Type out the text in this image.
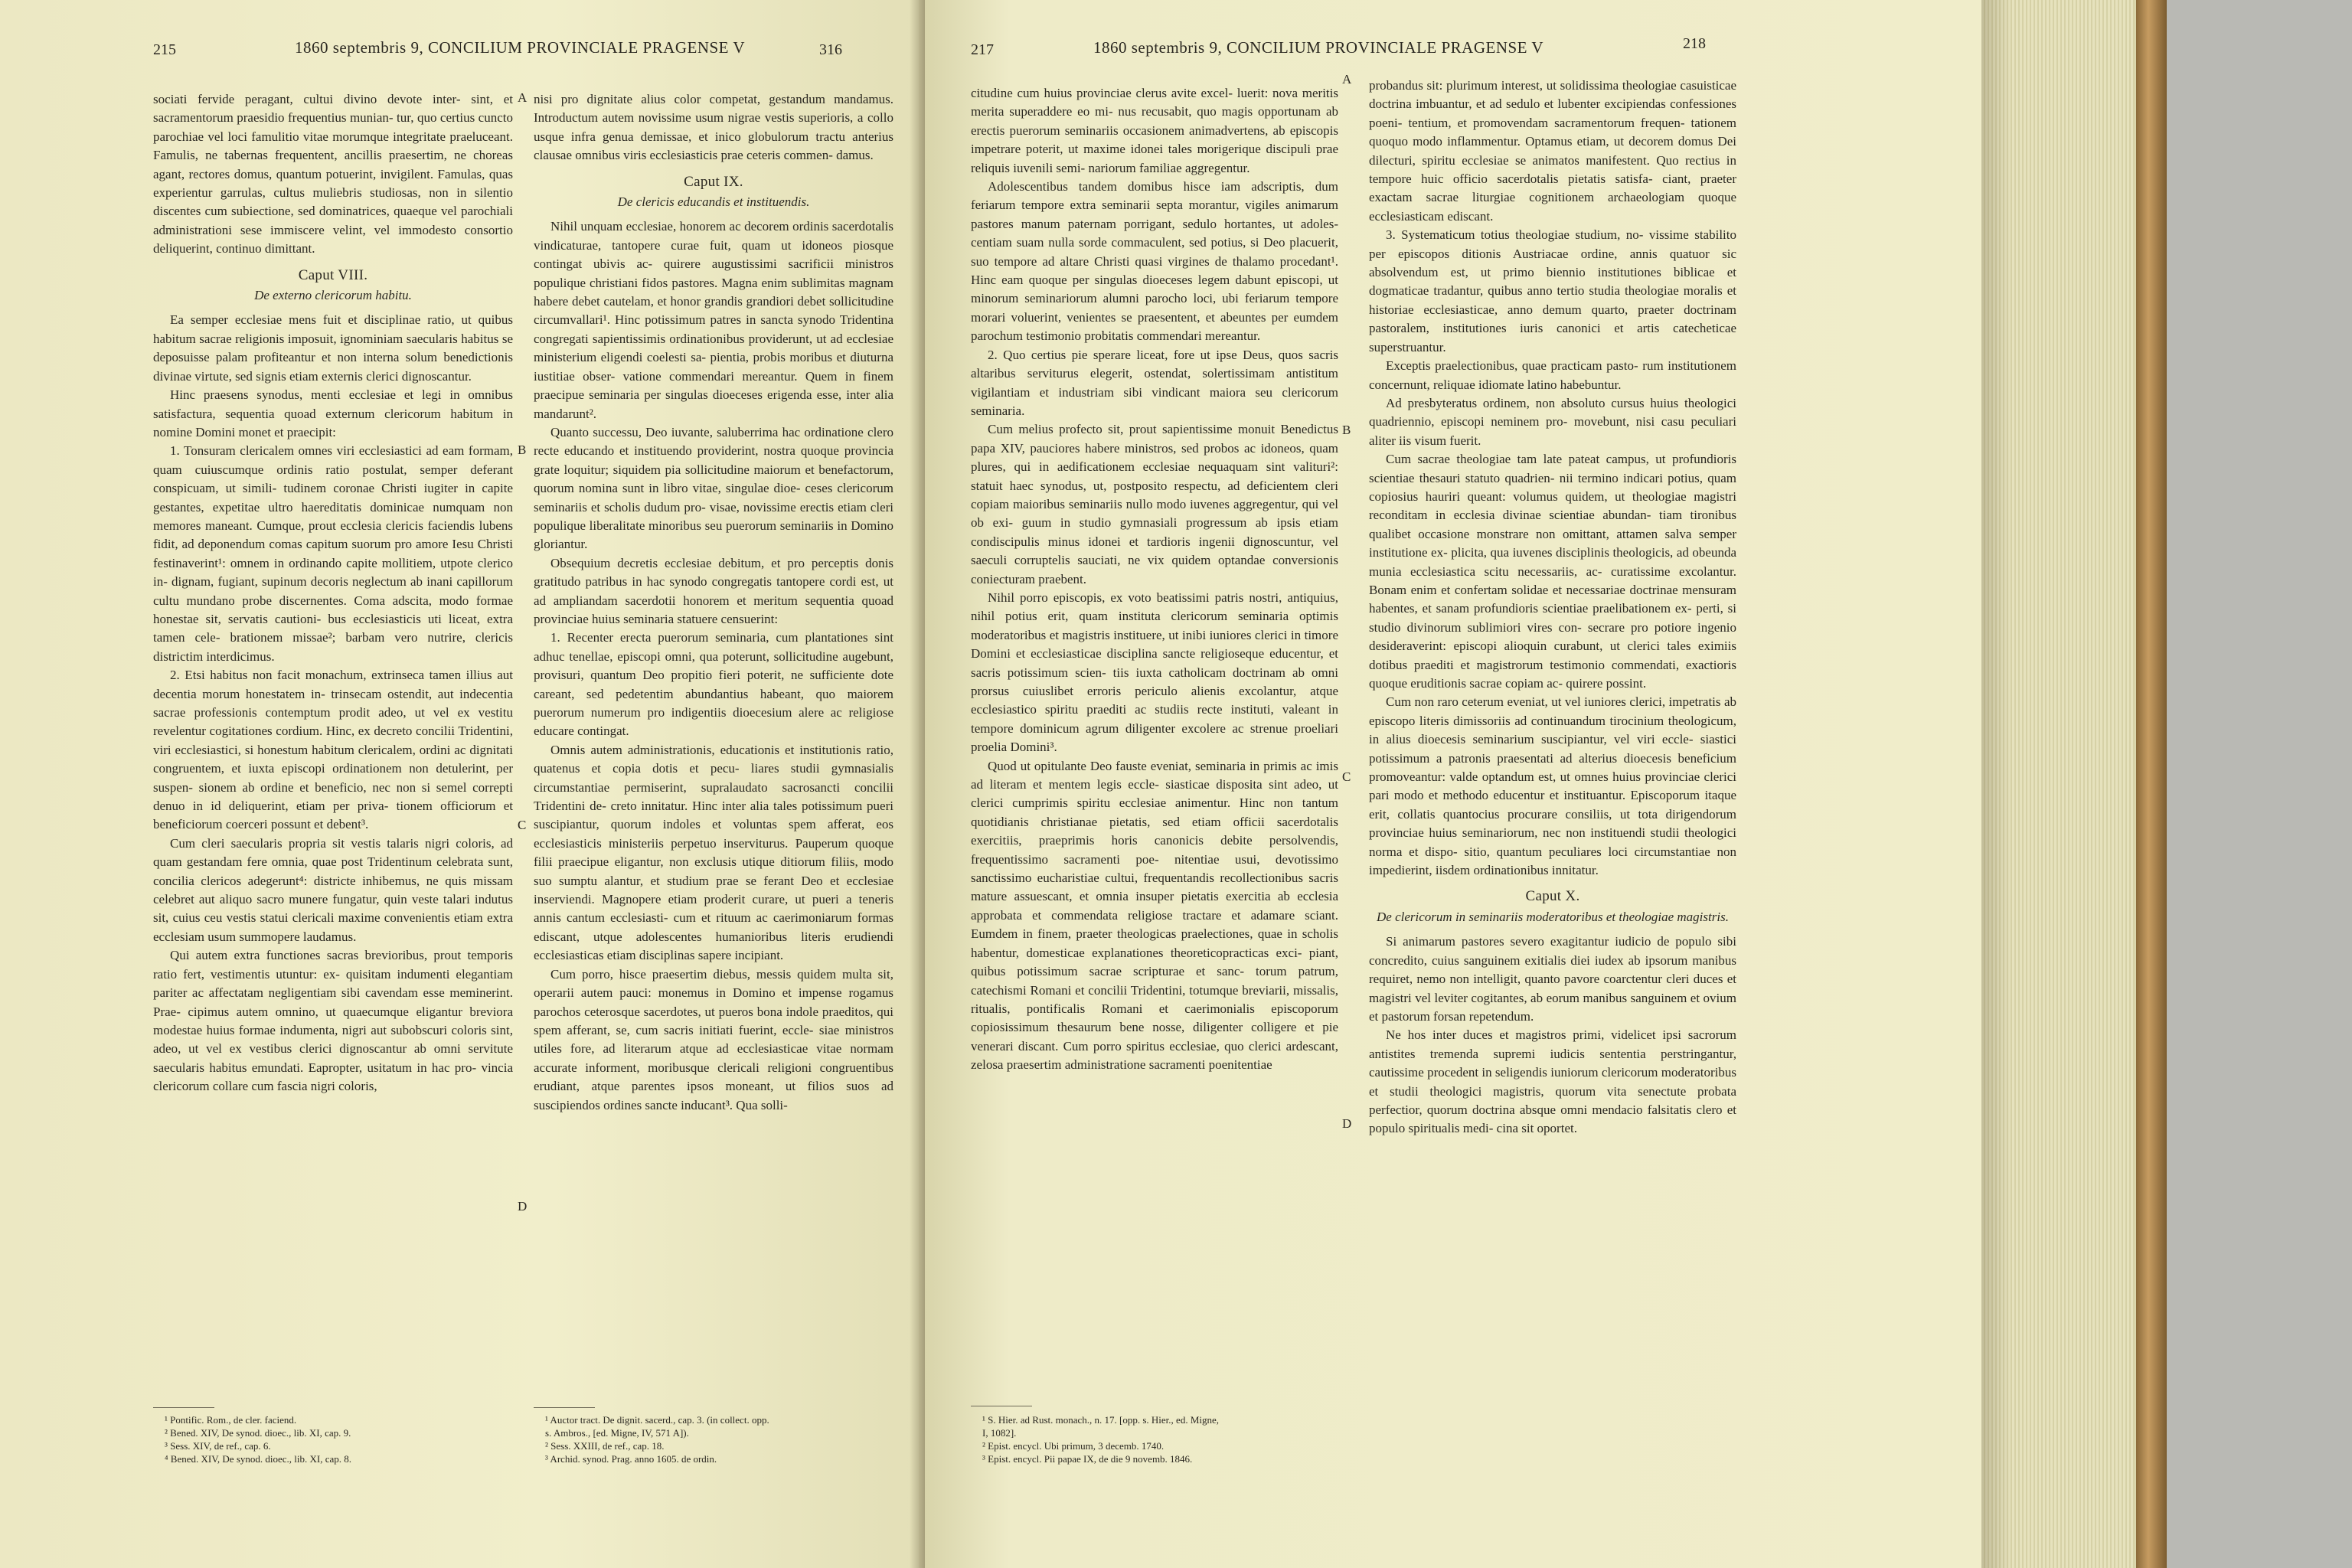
215	1860 septembris 9, CONCILIUM PROVINCIALE PRAGENSE V	316

sociati fervide peragant, cultui divino devote inter- sint, et sacramentorum praesidio frequentius munian- tur, quo certius cuncto parochiae vel loci famulitio vitae morumque integritate praeluceant. Famulis, ne tabernas frequentent, ancillis praesertim, ne choreas agant, rectores domus, quantum potuerint, invigilent. Famulas, quas experientur garrulas, cultus muliebris studiosas, non in silentio discentes cum subiectione, sed dominatrices, quaeque vel parochiali administrationi sese immiscere velint, vel immodesto consortio deliquerint, continuo dimittant.

Caput VIII.
De externo clericorum habitu.

Ea semper ecclesiae mens fuit et disciplinae ratio, ut quibus habitum sacrae religionis imposuit, ignominiam saecularis habitus se deposuisse palam profiteantur et non interna solum benedictionis divinae virtute, sed signis etiam externis clerici dignoscantur.

Hinc praesens synodus, menti ecclesiae et legi in omnibus satisfactura, sequentia quoad externum clericorum habitum in nomine Domini monet et praecipit:

1. Tonsuram clericalem omnes viri ecclesiastici ad eam formam, quam cuiuscumque ordinis ratio postulat, semper deferant conspicuam, ut simili- tudinem coronae Christi iugiter in capite gestantes, expetitae ultro haereditatis dominicae numquam non memores maneant. Cumque, prout ecclesia clericis faciendis lubens fidit, ad deponendum comas capitum suorum pro amore Iesu Christi festinaverint¹: omnem in ordinando capite mollitiem, utpote clerico in- dignam, fugiant, supinum decoris neglectum ab inani capillorum cultu mundano probe discernentes. Coma adscita, modo formae honestae sit, servatis cautioni- bus ecclesiasticis uti liceat, extra tamen cele- brationem missae²; barbam vero nutrire, clericis districtim interdicimus.

2. Etsi habitus non facit monachum, extrinseca tamen illius aut decentia morum honestatem in- trinsecam ostendit, aut indecentia sacrae professionis contemptum prodit adeo, ut vel ex vestitu revelentur cogitationes cordium. Hinc, ex decreto concilii Tridentini, viri ecclesiastici, si honestum habitum clericalem, ordini ac dignitati congruentem, et iuxta episcopi ordinationem non detulerint, per suspen- sionem ab ordine et beneficio, nec non si semel correpti denuo in id deliquerint, etiam per priva- tionem officiorum et beneficiorum coerceri possunt et debent³.

Cum cleri saecularis propria sit vestis talaris nigri coloris, ad quam gestandam fere omnia, quae post Tridentinum celebrata sunt, concilia clericos adegerunt⁴: districte inhibemus, ne quis missam celebret aut aliquo sacro munere fungatur, quin veste talari indutus sit, cuius ceu vestis statui clericali maxime convenientis etiam extra ecclesiam usum summopere laudamus.

Qui autem extra functiones sacras brevioribus, prout temporis ratio fert, vestimentis utuntur: ex- quisitam indumenti elegantiam pariter ac affectatam negligentiam sibi cavendam esse meminerint. Prae- cipimus autem omnino, ut quaecumque eligantur breviora modestae huius formae indumenta, nigri aut subobscuri coloris sint, adeo, ut vel ex vestibus clerici dignoscantur ab omni servitute saecularis habitus emundati. Eapropter, usitatum in hac pro- vincia clericorum collare cum fascia nigri coloris,

nisi pro dignitate alius color competat, gestandum mandamus. Introductum autem novissime usum nigrae vestis superioris, a collo usque infra genua demissae, et inico globulorum tractu anterius clausae omnibus viris ecclesiasticis prae ceteris commen- damus.

Caput IX.
De clericis educandis et instituendis.

Nihil unquam ecclesiae, honorem ac decorem ordinis sacerdotalis vindicaturae, tantopere curae fuit, quam ut idoneos piosque contingat ubivis ac- quirere augustissimi sacrificii ministros populique christiani fidos pastores. Magna enim sublimitas magnam habere debet cautelam, et honor grandis grandiori debet sollicitudine circumvallari¹. Hinc potissimum patres in sancta synodo Tridentina congregati sapientissimis ordinationibus providerunt, ut ad ecclesiae ministerium eligendi coelesti sa- pientia, probis moribus et diuturna iustitiae obser- vatione commendari mereantur. Quem in finem praecipue seminaria per singulas dioeceses erigenda esse, inter alia mandarunt².

Quanto successu, Deo iuvante, saluberrima hac ordinatione clero recte educando et instituendo providerint, nostra quoque provincia grate loquitur; siquidem pia sollicitudine maiorum et benefactorum, quorum nomina sunt in libro vitae, singulae dioe- ceses clericorum seminariis et scholis dudum pro- visae, novissime erectis etiam cleri populique liberalitate minoribus seu puerorum seminariis in Domino gloriantur.

Obsequium decretis ecclesiae debitum, et pro perceptis donis gratitudo patribus in hac synodo congregatis tantopere cordi est, ut ad ampliandam sacerdotii honorem et meritum sequentia quoad provinciae huius seminaria statuere censuerint:

1. Recenter erecta puerorum seminaria, cum plantationes sint adhuc tenellae, episcopi omni, qua poterunt, sollicitudine augebunt, provisuri, quantum Deo propitio fieri poterit, ne sufficiente dote careant, sed pedetentim abundantius habeant, quo maiorem puerorum numerum pro indigentiis dioecesium alere ac religiose educare contingat.

Omnis autem administrationis, educationis et institutionis ratio, quatenus et copia dotis et pecu- liares studii gymnasialis circumstantiae permiserint, supralaudato sacrosancti concilii Tridentini de- creto innitatur. Hinc inter alia tales potissimum pueri suscipiantur, quorum indoles et voluntas spem afferat, eos ecclesiasticis ministeriis perpetuo inserviturus. Pauperum quoque filii praecipue eligantur, non exclusis utique ditiorum filiis, modo suo sumptu alantur, et studium prae se ferant Deo et ecclesiae inserviendi. Magnopere etiam proderit curare, ut pueri a teneris annis cantum ecclesiasti- cum et rituum ac caerimoniarum formas ediscant, utque adolescentes humanioribus literis erudiendi ecclesiasticas etiam disciplinas sapere incipiant.

Cum porro, hisce praesertim diebus, messis quidem multa sit, operarii autem pauci: monemus in Domino et impense rogamus parochos ceterosque sacerdotes, ut pueros bona indole praeditos, qui spem afferant, se, cum sacris initiati fuerint, eccle- siae ministros utiles fore, ad literarum atque ad ecclesiasticae vitae normam accurate informent, moribusque clericali religioni congruentibus erudiant, atque parentes ipsos moneant, ut filios suos ad suscipiendos ordines sancte inducant³. Qua solli-

A
B
C
D
¹ Pontific. Rom., de cler. faciend.
² Bened. XIV, De synod. dioec., lib. XI, cap. 9.
³ Sess. XIV, de ref., cap. 6.
⁴ Bened. XIV, De synod. dioec., lib. XI, cap. 8.
¹ Auctor tract. De dignit. sacerd., cap. 3. (in collect. opp.
s. Ambros., [ed. Migne, IV, 571 A]).
² Sess. XXIII, de ref., cap. 18.
³ Archid. synod. Prag. anno 1605. de ordin.
217	1860 septembris 9, CONCILIUM PROVINCIALE PRAGENSE V	218

citudine cum huius provinciae clerus avite excel- luerit: nova meritis merita superaddere eo mi- nus recusabit, quo magis opportunam ab erectis puerorum seminariis occasionem animadvertens, ab episcopis impetrare poterit, ut maxime idonei tales morigerique discipuli prae reliquis iuvenili semi- nariorum familiae aggregentur.

Adolescentibus tandem domibus hisce iam adscriptis, dum feriarum tempore extra seminarii septa morantur, vigiles animarum pastores manum paternam porrigant, sedulo hortantes, ut adoles- centiam suam nulla sorde commaculent, sed potius, si Deo placuerit, suo tempore ad altare Christi quasi virgines de thalamo procedant¹. Hinc eam quoque per singulas dioeceses legem dabunt episcopi, ut minorum seminariorum alumni parocho loci, ubi feriarum tempore morari voluerint, venientes se praesentent, et abeuntes per eumdem parochum testimonio probitatis commendari mereantur.

2. Quo certius pie sperare liceat, fore ut ipse Deus, quos sacris altaribus serviturus elegerit, ostendat, solertissimam antistitum vigilantiam et industriam sibi vindicant maiora seu clericorum seminaria.

Cum melius profecto sit, prout sapientissime monuit Benedictus papa XIV, pauciores habere ministros, sed probos ac idoneos, quam plures, qui in aedificationem ecclesiae nequaquam sint valituri²: statuit haec synodus, ut, postposito respectu, ad deficientem cleri copiam maioribus seminariis nullo modo iuvenes aggregentur, qui vel ob exi- guum in studio gymnasiali progressum ab ipsis etiam condiscipulis minus idonei et tardioris ingenii dignoscuntur, vel saeculi corruptelis sauciati, ne vix quidem optandae conversionis coniecturam praebent.

Nihil porro episcopis, ex voto beatissimi patris nostri, antiquius, nihil potius erit, quam instituta clericorum seminaria optimis moderatoribus et magistris instituere, ut inibi iuniores clerici in timore Domini et ecclesiasticae disciplina sancte religioseque educentur, et sacris potissimum scien- tiis iuxta catholicam doctrinam ab omni prorsus cuiuslibet erroris periculo alienis excolantur, atque ecclesiastico spiritu praediti ac studiis recte instituti, valeant in tempore dominicum agrum diligenter excolere ac strenue proeliari proelia Domini³.

Quod ut opitulante Deo fauste eveniat, seminaria in primis ac imis ad literam et mentem legis eccle- siasticae disposita sint adeo, ut clerici cumprimis spiritu ecclesiae animentur. Hinc non tantum quotidianis christianae pietatis, sed etiam officii sacerdotalis exercitiis, praeprimis horis canonicis debite persolvendis, frequentissimo sacramenti poe- nitentiae usui, devotissimo sanctissimo eucharistiae cultui, frequentandis recollectionibus sacris mature assuescant, et omnia insuper pietatis exercitia ab ecclesia approbata et commendata religiose tractare et adamare sciant. Eumdem in finem, praeter theologicas praelectiones, quae in scholis habentur, domesticae explanationes theoreticopracticas exci- piant, quibus potissimum sacrae scripturae et sanc- torum patrum, catechismi Romani et concilii Tridentini, totumque breviarii, missalis, ritualis, pontificalis Romani et caerimonialis episcoporum copiosissimum thesaurum bene nosse, diligenter colligere et pie venerari discant. Cum porro spiritus ecclesiae, quo clerici ardescant, zelosa praesertim administratione sacramenti poenitentiae

probandus sit: plurimum interest, ut solidissima theologiae casuisticae doctrina imbuantur, et ad sedulo et lubenter excipiendas confessiones poeni- tentium, et promovendam sacramentorum frequen- tationem quoquo modo inflammentur. Optamus etiam, ut decorem domus Dei dilecturi, spiritu ecclesiae se animatos manifestent. Quo rectius in tempore huic officio sacerdotalis pietatis satisfa- ciant, praeter exactam sacrae liturgiae cognitionem archaeologiam quoque ecclesiasticam ediscant.

3. Systematicum totius theologiae studium, no- vissime stabilito per episcopos ditionis Austriacae ordine, annis quatuor sic absolvendum est, ut primo biennio institutiones biblicae et dogmaticae tradantur, quibus anno tertio studia theologiae moralis et historiae ecclesiasticae, anno demum quarto, praeter doctrinam pastoralem, institutiones iuris canonici et artis catecheticae superstruantur.

Exceptis praelectionibus, quae practicam pasto- rum institutionem concernunt, reliquae idiomate latino habebuntur.

Ad presbyteratus ordinem, non absoluto cursus huius theologici quadriennio, episcopi neminem pro- movebunt, nisi casu peculiari aliter iis visum fuerit.

Cum sacrae theologiae tam late pateat campus, ut profundioris scientiae thesauri statuto quadrien- nii termino indicari potius, quam copiosius hauriri queant: volumus quidem, ut theologiae magistri reconditam in ecclesia divinae scientiae abundan- tiam tironibus qualibet occasione monstrare non omittant, attamen salva semper institutione ex- plicita, qua iuvenes disciplinis theologicis, ad obeunda munia ecclesiastica scitu necessariis, ac- curatissime excolantur. Bonam enim et confertam solidae et necessariae doctrinae mensuram habentes, et sanam profundioris scientiae praelibationem ex- perti, si studio divinorum sublimiori vires con- secrare pro potiore ingenio desideraverint: episcopi alioquin curabunt, ut clerici tales eximiis dotibus praediti et magistrorum testimonio commendati, exactioris quoque eruditionis sacrae copiam ac- quirere possint.

Cum non raro ceterum eveniat, ut vel iuniores clerici, impetratis ab episcopo literis dimissoriis ad continuandum tirocinium theologicum, in alius dioecesis seminarium suscipiantur, vel viri eccle- siastici potissimum a patronis praesentati ad alterius dioecesis beneficium promoveantur: valde optandum est, ut omnes huius provinciae clerici pari modo et methodo educentur et instituantur. Episcoporum itaque erit, collatis quantocius procurare consiliis, ut tota dirigendorum provinciae huius seminariorum, nec non instituendi studii theologici norma et dispo- sitio, quantum peculiares loci circumstantiae non impedierint, iisdem ordinationibus innitatur.

Caput X.
De clericorum in seminariis moderatoribus et theologiae magistris.

Si animarum pastores severo exagitantur iudicio de populo sibi concredito, cuius sanguinem exitialis diei iudex ab ipsorum manibus requiret, nemo non intelligit, quanto pavore coarctentur cleri duces et magistri vel leviter cogitantes, ab eorum manibus sanguinem et ovium et pastorum forsan repetendum.

Ne hos inter duces et magistros primi, videlicet ipsi sacrorum antistites tremenda supremi iudicis sententia perstringantur, cautissime procedent in seligendis iuniorum clericorum moderatoribus et studii theologici magistris, quorum vita senectute probata perfectior, quorum doctrina absque omni mendacio falsitatis clero et populo spiritualis medi- cina sit oportet.

A
B
C
D
¹ S. Hier. ad Rust. monach., n. 17. [opp. s. Hier., ed. Migne,
I, 1082].
² Epist. encycl. Ubi primum, 3 decemb. 1740.
³ Epist. encycl. Pii papae IX, de die 9 novemb. 1846.
